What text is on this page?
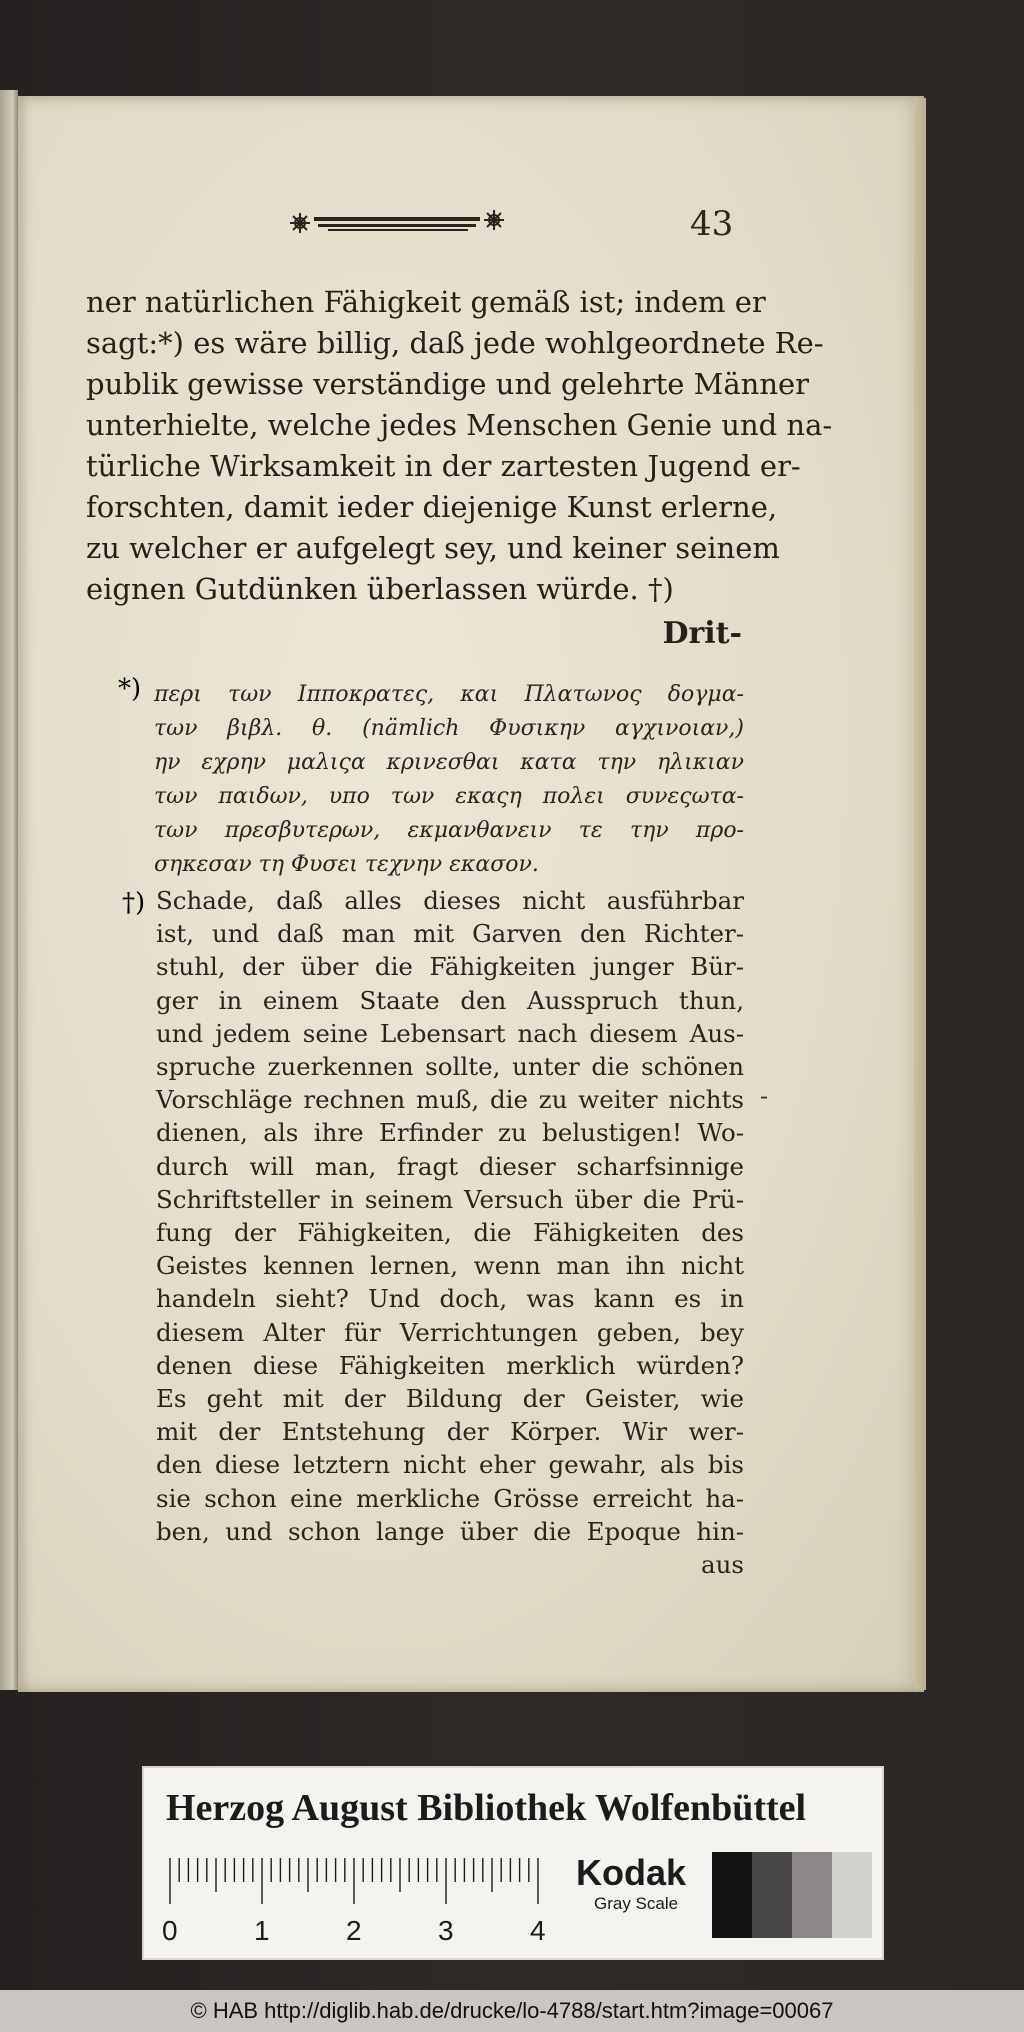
43
ner natürlichen Fähigkeit gemäß ist; indem er
sagt:*) es wäre billig, daß jede wohlgeordnete Re-
publik gewisse verständige und gelehrte Männer
unterhielte, welche jedes Menschen Genie und na-
türliche Wirksamkeit in der zartesten Jugend er-
forschten, damit ieder diejenige Kunst erlerne,
zu welcher er aufgelegt sey, und keiner seinem
eignen Gutdünken überlassen würde. †)
Drit-
*) περι των Ιπποκρατες, και Πλατωνος δογμα-
των βιβλ. θ. (nämlich Φυσικην αγχινοιαν,)
ην εχρην μαλιςα κρινεσθαι κατα την ηλικιαν
των παιδων, υπο των εκαςη πολει συνεςωτα-
των πρεσβυτερων, εκμανθανειν τε την προ-
σηκεσαν τη Φυσει τεχνην εκασον.
†) Schade, daß alles dieses nicht ausführbar
ist, und daß man mit Garven den Richter-
stuhl, der über die Fähigkeiten junger Bür-
ger in einem Staate den Ausspruch thun,
und jedem seine Lebensart nach diesem Aus-
spruche zuerkennen sollte, unter die schönen
Vorschläge rechnen muß, die zu weiter nichts
dienen, als ihre Erfinder zu belustigen! Wo-
durch will man, fragt dieser scharfsinnige
Schriftsteller in seinem Versuch über die Prü-
fung der Fähigkeiten, die Fähigkeiten des
Geistes kennen lernen, wenn man ihn nicht
handeln sieht? Und doch, was kann es in
diesem Alter für Verrichtungen geben, bey
denen diese Fähigkeiten merklich würden?
Es geht mit der Bildung der Geister, wie
mit der Entstehung der Körper. Wir wer-
den diese letztern nicht eher gewahr, als bis
sie schon eine merkliche Grösse erreicht ha-
ben, und schon lange über die Epoque hin-
aus
-
Herzog August Bibliothek Wolfenbüttel
0	1	2	3	4
Kodak
Gray Scale
© HAB http://diglib.hab.de/drucke/lo-4788/start.htm?image=00067
